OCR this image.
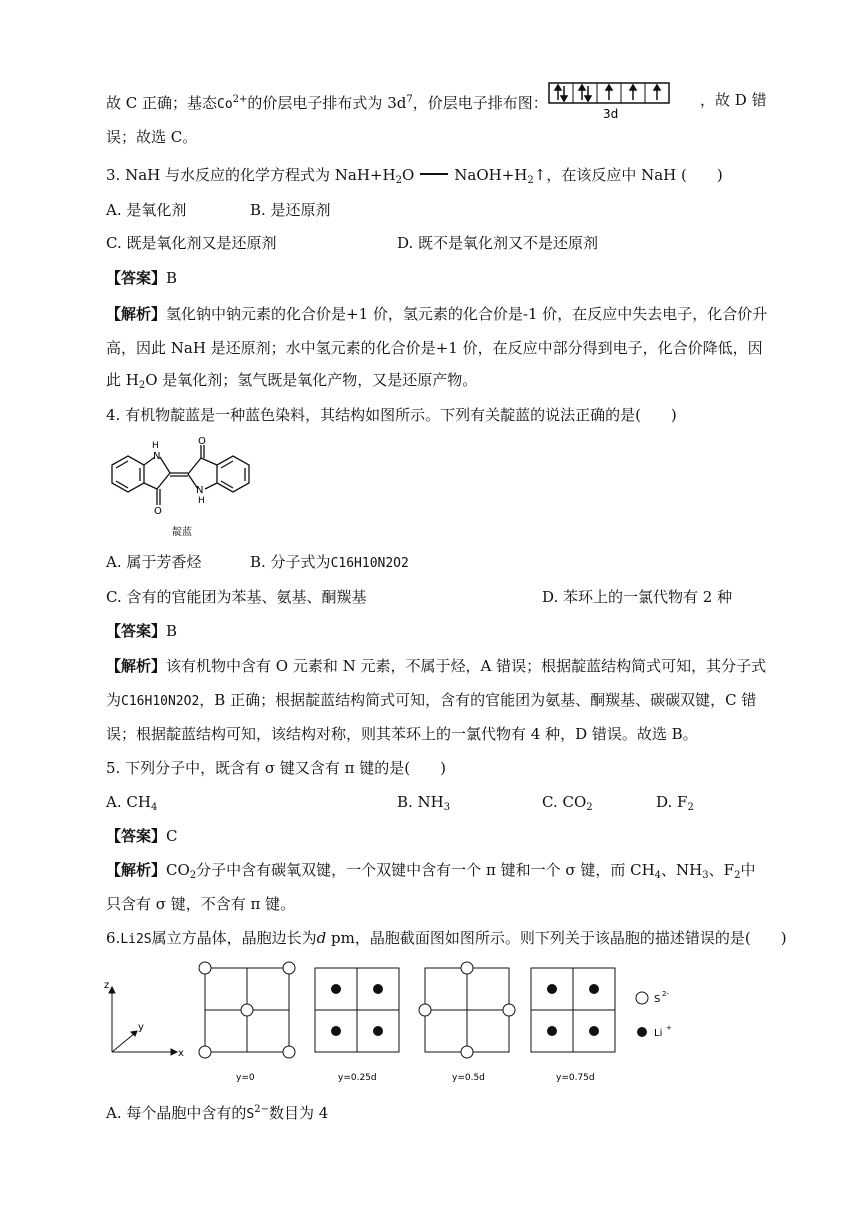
故 C 正确；基态$Co^{2+}$的价层电子排布式为 $3d^7$，价层电子排布图：
3d
，故 D 错
误；故选 C。
3. NaH 与水反应的化学方程式为 $NaH+H_2O$	$NaOH+H_2↑$，在该反应中 NaH (　　)
A. 是氧化剂	B. 是还原剂
C. 既是氧化剂又是还原剂	D. 既不是氧化剂又不是还原剂
【答案】B
【解析】氢化钠中钠元素的化合价是+1 价，氢元素的化合价是-1 价，在反应中失去电子，化合价升
高，因此 NaH 是还原剂；水中氢元素的化合价是+1 价，在反应中部分得到电子，化合价降低，因
此 $H_2O$ 是氧化剂；氢气既是氧化产物，又是还原产物。
4. 有机物靛蓝是一种蓝色染料，其结构如图所示。下列有关靛蓝的说法正确的是(　　)
H
N
O
N
H
O
靛蓝
A. 属于芳香烃	B. 分子式为C16H10N2O2
C. 含有的官能团为苯基、氨基、酮羰基	D. 苯环上的一氯代物有 2 种
【答案】B
【解析】该有机物中含有 O 元素和 N 元素，不属于烃，A 错误；根据靛蓝结构简式可知，其分子式
为C16H10N2O2，B 正确；根据靛蓝结构简式可知，含有的官能团为氨基、酮羰基、碳碳双键，C 错
误；根据靛蓝结构可知，该结构对称，则其苯环上的一氯代物有 4 种，D 错误。故选 B。
5. 下列分子中，既含有 σ 键又含有 π 键的是(　　)
A. $CH_4$	B. $NH_3$	C. $CO_2$	D. $F_2$
【答案】C
【解析】$CO_2$分子中含有碳氧双键，一个双键中含有一个 π 键和一个 σ 键，而 $CH_4$、$NH_3$、$F_2$中
只含有 σ 键，不含有 π 键。
6.Li2S属立方晶体，晶胞边长为d pm，晶胞截面图如图所示。则下列关于该晶胞的描述错误的是(　　)
z
y
x
y=0	y=0.25d	y=0.5d	y=0.75d
S 2-
Li +
A. 每个晶胞中含有的$S^{2-}$数目为 4
